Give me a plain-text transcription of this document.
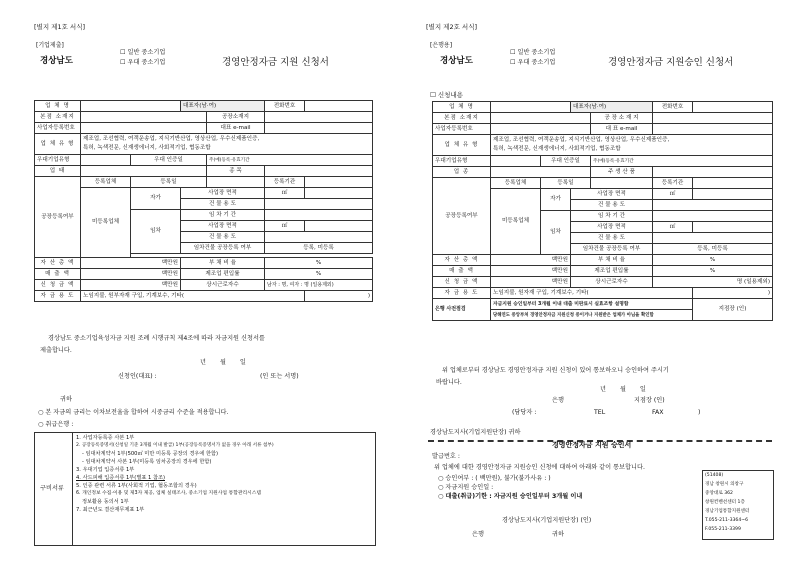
[별지 제1호 서식]
[기업제출]
경상남도
☐ 일반 중소기업
☐ 우대 중소기업	경영안정자금 지원 신청서
업 체 명			대표자(남·여)		전화번호	
본점 소재지				공장소재지		
사업자등록번호				대표 e-mail		
업 체 유 형	제조업, 조선협력, 여객운송업, 지식기반산업, 영상산업, 우수신제품인증,
특허, 녹색전문, 신재생에너지, 사회적기업, 협동조합					

우대기업유형		우대 인증일		주(예)등록·유효기간		
업 태				종 목		
공장등록여부	등록업체	등록일			등록기관	
	미등록업체	자가	사업장 면적		㎡	
			건 물 용 도			
		임차	임 차 기 간			
			사업장 면적		㎡	
			건 물 용 도			
			임차건물 공장등록 여부		등록, 미등록	

자 산 총 액	백만원		부 채 비 율		%	
매 출 액	백만원		제조업 편입률		%	
신 청 금 액	백만원		상시근로자수		남자 : 명, 여자 : 명 (일용제외)	
자 금 용 도	노임지불, 원부자재 구입, 기계보수, 기타(					)
경상남도 중소기업육성자금 지원 조례 시행규칙 제4조에 따라 자금지원 신청서를
제출합니다.
년 월 일
신청인(대표) :	(인 또는 서명)
귀하
○ 본 자금의 금리는 이차보전율을 합하여 시중금리 수준을 적용합니다.
○ 취급은행 :
구비서류
1. 사업자등록증 사본 1부
2. 공장등록증명서(신청일 기준 3개월 이내 발급) 1부(공장등록증명서가 없을 경우 아래 서류 첨부)
- 임대차계약서 1부(500㎡ 미만 미등록 공장의 경우에 한함)
- 임대차계약서 사본 1부(미등록 임차공장의 경우에 한함)
3. 우대기업 입증서류 1부
4. 사드피해 입증서류 1부(별표 1 참조)
5. 인증 관련 서류 1부(사회적 기업, 협동조합의 경우)
6. 개인정보 수집·이용 및 제3자 제공, 업체 실태조사, 중소기업 지원사업 통합관리시스템
정보활용 동의서 1부
7. 최근년도 결산재무제표 1부
[별지 제2호 서식]
[은행용]
경상남도
☐ 일반 중소기업
☐ 우대 중소기업	경영안정자금 지원승인 신청서
☐ 신청내용
업 체 명			대표자(남·여)		전화번호	
본점 소재지				공 장 소 재 지		
사업자등록번호				대 표 e-mail		
업 체 유 형	제조업, 조선협력, 여객운송업, 지식기반산업, 영상산업, 우수신제품인증,
특허, 녹색전문, 신재생에너지, 사회적기업, 협동조합					

우대기업유형		우대 인증일		주(예)등록·유효기간		
업 종				주 생 산 품		
공장등록여부	등록업체	등록일			등록기관	
	미등록업체	자가	사업장 면적		㎡	
			건 물 용 도			
		임차	임 차 기 간			
			사업장 면적		㎡	
			건 물 용 도			
			임차건물 공장등록 여부		등록, 미등록	
자 산 총 액	백만원		부 채 비 율		%	
매 출 액	백만원		제조업 편입률		%	
신 청 금 액	백만원		상시근로자수		명 (일용제외)	
자 금 용 도	노임지불, 원자재 구입, 기계보수, 기타(					)
은행 사전점검	자금지원 승인일부터 3개월 이내 대출 미판료시 실효조항 설명함					지점장 (인)
	당해연도 중앙부처 경영안정자금 지원신청 중이거나 지원받은 업체가 아님을 확인함					
위 업체로부터 경상남도 경영안정자금 지원 신청이 있어 통보하오니 승인하여 주시기
바랍니다.
년 월 일
은행	지점장 (인)
(담당자 :	TEL	FAX	)
경상남도지사(기업지원단장) 귀하
경영안정자금 지원 승인서
발급번호 :
위 업체에 대한 경영안정자금 지원승인 신청에 대하여 아래와 같이 통보합니다.
○ 승인여부 : ( 백만원), 불가(불가사유 : )
○ 자금지원 승인일 :
○ 대출(취급)기한 : 자금지원 승인일부터 3개월 이내
경상남도지사(기업지원단장) (인)
은행	귀하
(51408)
경남 창원시 의창구
중앙대로 362
창원컨벤션센터 1층
경남기업통합지원센터
T.055-211-3364~6
F.055-211-3399
